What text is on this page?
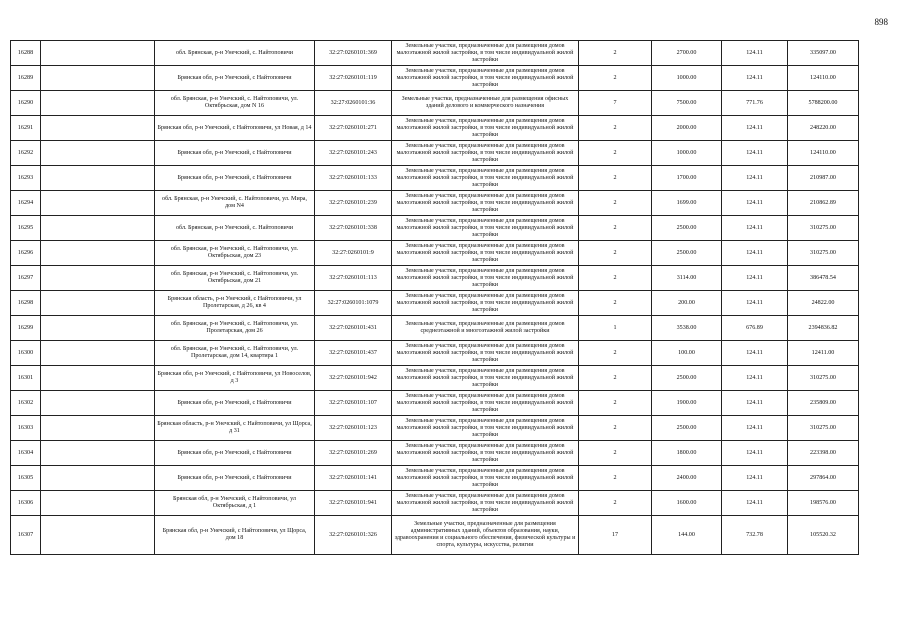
898
16288		обл. Брянская, р-н Унечский, с. Найтоповичи	32:27:0260101:369	Земельные участки, предназначенные для размещения домов малоэтажной жилой застройки, в том числе индивидуальной жилой застройки	2	2700.00	124.11	335097.00
16289		Брянская обл, р-н Унечский, с Найтоповичи	32:27:0260101:119	Земельные участки, предназначенные для размещения домов малоэтажной жилой застройки, в том числе индивидуальной жилой застройки	2	1000.00	124.11	124110.00
16290		обл. Брянская, р-н Унечский, с. Найтоповичи, ул. Октябрьская, дом N 16	32:27:0260101:36	Земельные участки, предназначенные для размещения офисных зданий делового и коммерческого назначения	7	7500.00	771.76	5788200.00
16291		Брянская обл, р-н Унечский, с Найтоповичи, ул Новая, д 14	32:27:0260101:271	Земельные участки, предназначенные для размещения домов малоэтажной жилой застройки, в том числе индивидуальной жилой застройки	2	2000.00	124.11	248220.00
16292		Брянская обл, р-н Унечский, с Найтоповичи	32:27:0260101:243	Земельные участки, предназначенные для размещения домов малоэтажной жилой застройки, в том числе индивидуальной жилой застройки	2	1000.00	124.11	124110.00
16293		Брянская обл, р-н Унечский, с Найтоповичи	32:27:0260101:133	Земельные участки, предназначенные для размещения домов малоэтажной жилой застройки, в том числе индивидуальной жилой застройки	2	1700.00	124.11	210987.00
16294		обл. Брянская, р-н Унечский, с. Найтоповичи, ул. Мира, дом N4	32:27:0260101:239	Земельные участки, предназначенные для размещения домов малоэтажной жилой застройки, в том числе индивидуальной жилой застройки	2	1699.00	124.11	210862.89
16295		обл. Брянская, р-н Унечский, с. Найтоповичи	32:27:0260101:338	Земельные участки, предназначенные для размещения домов малоэтажной жилой застройки, в том числе индивидуальной жилой застройки	2	2500.00	124.11	310275.00
16296		обл. Брянская, р-н Унечский, с. Найтоповичи, ул. Октябрьская, дом 23	32:27:0260101:9	Земельные участки, предназначенные для размещения домов малоэтажной жилой застройки, в том числе индивидуальной жилой застройки	2	2500.00	124.11	310275.00
16297		обл. Брянская, р-н Унечский, с. Найтоповичи, ул. Октябрьская, дом 21	32:27:0260101:113	Земельные участки, предназначенные для размещения домов малоэтажной жилой застройки, в том числе индивидуальной жилой застройки	2	3114.00	124.11	386478.54
16298		Брянская область, р-н Унечский, с Найтоповичи, ул Пролетарская, д 26, кв 4	32:27:0260101:1079	Земельные участки, предназначенные для размещения домов малоэтажной жилой застройки, в том числе индивидуальной жилой застройки	2	200.00	124.11	24822.00
16299		обл. Брянская, р-н Унечский, с. Найтоповичи, ул. Пролетарская, дом 26	32:27:0260101:431	Земельные участки, предназначенные для размещения домов среднеэтажной и многоэтажной жилой застройки	1	3538.00	676.89	2394836.82
16300		обл. Брянская, р-н Унечский, с. Найтоповичи, ул. Пролетарская, дом 14, квартира 1	32:27:0260101:437	Земельные участки, предназначенные для размещения домов малоэтажной жилой застройки, в том числе индивидуальной жилой застройки	2	100.00	124.11	12411.00
16301		Брянская обл, р-н Унечский, с Найтоповичи, ул Новоселов, д 3	32:27:0260101:942	Земельные участки, предназначенные для размещения домов малоэтажной жилой застройки, в том числе индивидуальной жилой застройки	2	2500.00	124.11	310275.00
16302		Брянская обл, р-н Унечский, с Найтоповичи	32:27:0260101:107	Земельные участки, предназначенные для размещения домов малоэтажной жилой застройки, в том числе индивидуальной жилой застройки	2	1900.00	124.11	235809.00
16303		Брянская область, р-н Унечский, с Найтоповичи, ул Щорса, д 31	32:27:0260101:123	Земельные участки, предназначенные для размещения домов малоэтажной жилой застройки, в том числе индивидуальной жилой застройки	2	2500.00	124.11	310275.00
16304		Брянская обл, р-н Унечский, с Найтоповичи	32:27:0260101:269	Земельные участки, предназначенные для размещения домов малоэтажной жилой застройки, в том числе индивидуальной жилой застройки	2	1800.00	124.11	223398.00
16305		Брянская обл, р-н Унечский, с Найтоповичи	32:27:0260101:141	Земельные участки, предназначенные для размещения домов малоэтажной жилой застройки, в том числе индивидуальной жилой застройки	2	2400.00	124.11	297864.00
16306		Брянская обл, р-н Унечский, с Найтоповичи, ул Октябрьская, д 1	32:27:0260101:941	Земельные участки, предназначенные для размещения домов малоэтажной жилой застройки, в том числе индивидуальной жилой застройки	2	1600.00	124.11	198576.00
16307		Брянская обл, р-н Унечский, с Найтоповичи, ул Щорса, дом 18	32:27:0260101:326	Земельные участки, предназначенные для размещения административных зданий, объектов образования, науки, здравоохранения и социального обеспечения, физической культуры и спорта, культуры, искусства, религии	17	144.00	732.78	105520.32
